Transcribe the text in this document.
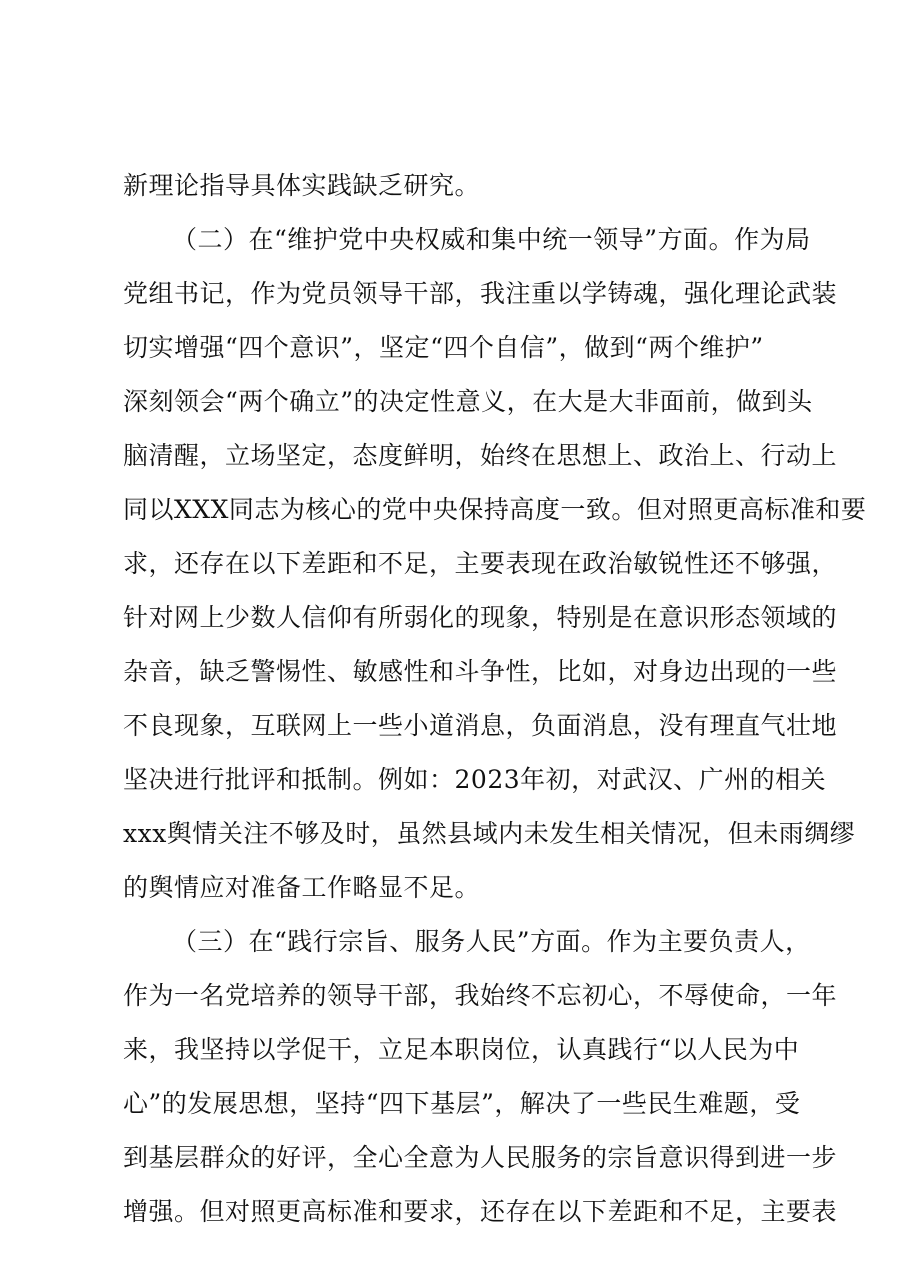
新理论指导具体实践缺乏研究。
（二）在“维护党中央权威和集中统一领导”方面。作为局
党组书记，作为党员领导干部，我注重以学铸魂，强化理论武装
切实增强“四个意识”，坚定“四个自信”，做到“两个维护”
深刻领会“两个确立”的决定性意义，在大是大非面前，做到头
脑清醒，立场坚定，态度鲜明，始终在思想上、政治上、行动上
同以XXX同志为核心的党中央保持高度一致。但对照更高标准和要
求，还存在以下差距和不足，主要表现在政治敏锐性还不够强，
针对网上少数人信仰有所弱化的现象，特别是在意识形态领域的
杂音，缺乏警惕性、敏感性和斗争性，比如，对身边出现的一些
不良现象，互联网上一些小道消息，负面消息，没有理直气壮地
坚决进行批评和抵制。例如：2023年初，对武汉、广州的相关
xxx舆情关注不够及时，虽然县域内未发生相关情况，但未雨绸缪
的舆情应对准备工作略显不足。
（三）在“践行宗旨、服务人民”方面。作为主要负责人，
作为一名党培养的领导干部，我始终不忘初心，不辱使命，一年
来，我坚持以学促干，立足本职岗位，认真践行“以人民为中
心”的发展思想，坚持“四下基层”，解决了一些民生难题，受
到基层群众的好评，全心全意为人民服务的宗旨意识得到进一步
增强。但对照更高标准和要求，还存在以下差距和不足，主要表
